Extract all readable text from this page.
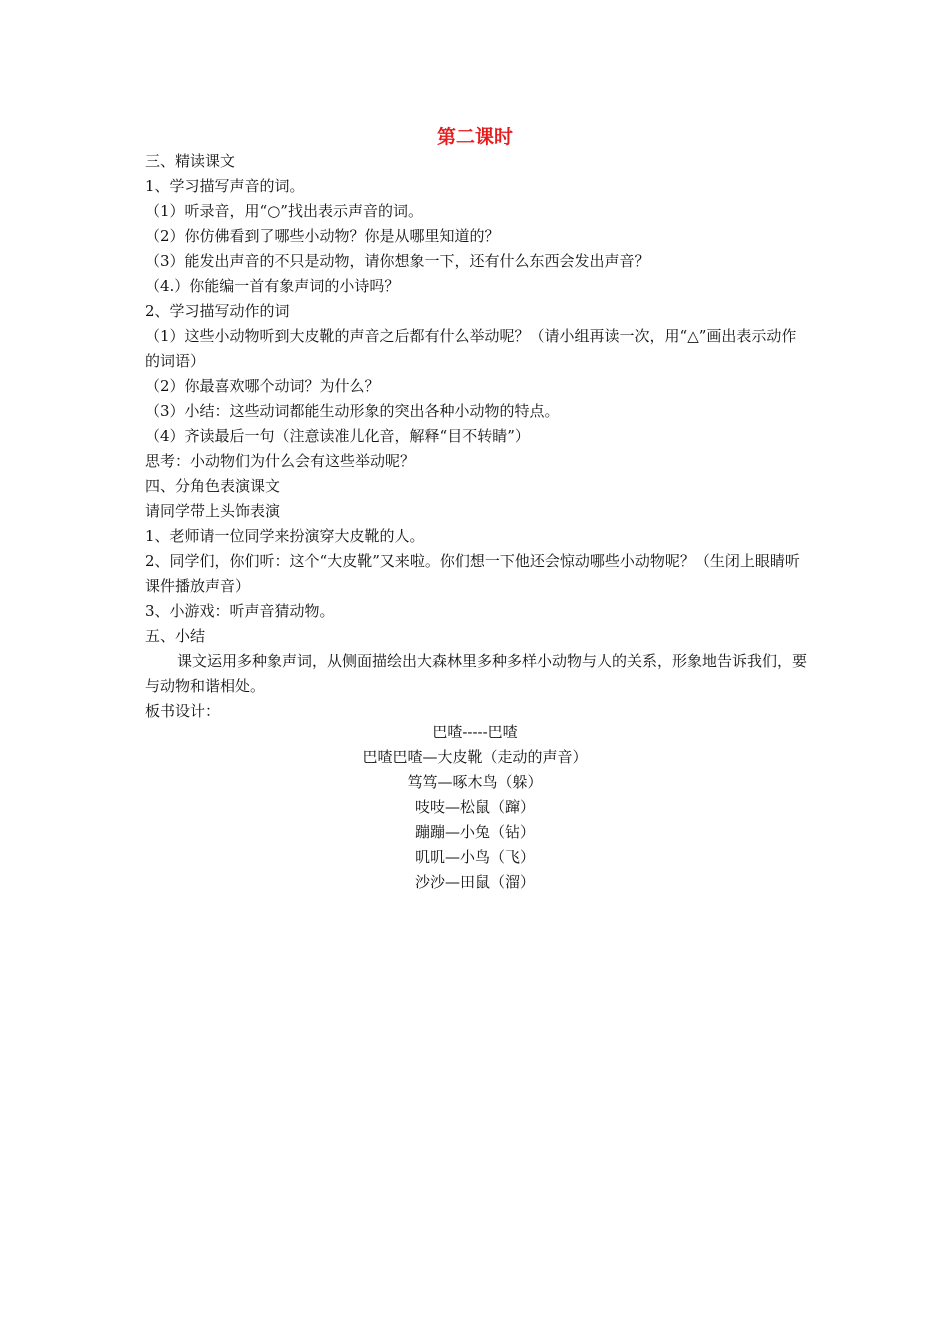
第二课时
三、精读课文
1、学习描写声音的词。
（1）听录音，用“○”找出表示声音的词。
（2）你仿佛看到了哪些小动物？你是从哪里知道的？
（3）能发出声音的不只是动物，请你想象一下，还有什么东西会发出声音？
（4.）你能编一首有象声词的小诗吗？
2、学习描写动作的词
（1）这些小动物听到大皮靴的声音之后都有什么举动呢？（请小组再读一次，用“△”画出表示动作的词语）
（2）你最喜欢哪个动词？为什么？
（3）小结：这些动词都能生动形象的突出各种小动物的特点。
（4）齐读最后一句（注意读准儿化音，解释“目不转睛”）
思考：小动物们为什么会有这些举动呢？
四、分角色表演课文
请同学带上头饰表演
1、老师请一位同学来扮演穿大皮靴的人。
2、同学们，你们听：这个“大皮靴”又来啦。你们想一下他还会惊动哪些小动物呢？（生闭上眼睛听课件播放声音）
3、小游戏：听声音猜动物。
五、小结
课文运用多种象声词，从侧面描绘出大森林里多种多样小动物与人的关系，形象地告诉我们，要与动物和谐相处。
板书设计：
巴喳-----巴喳
巴喳巴喳—大皮靴（走动的声音）
笃笃—啄木鸟（躲）
吱吱—松鼠（蹿）
蹦蹦—小兔（钻）
叽叽—小鸟（飞）
沙沙—田鼠（溜）
